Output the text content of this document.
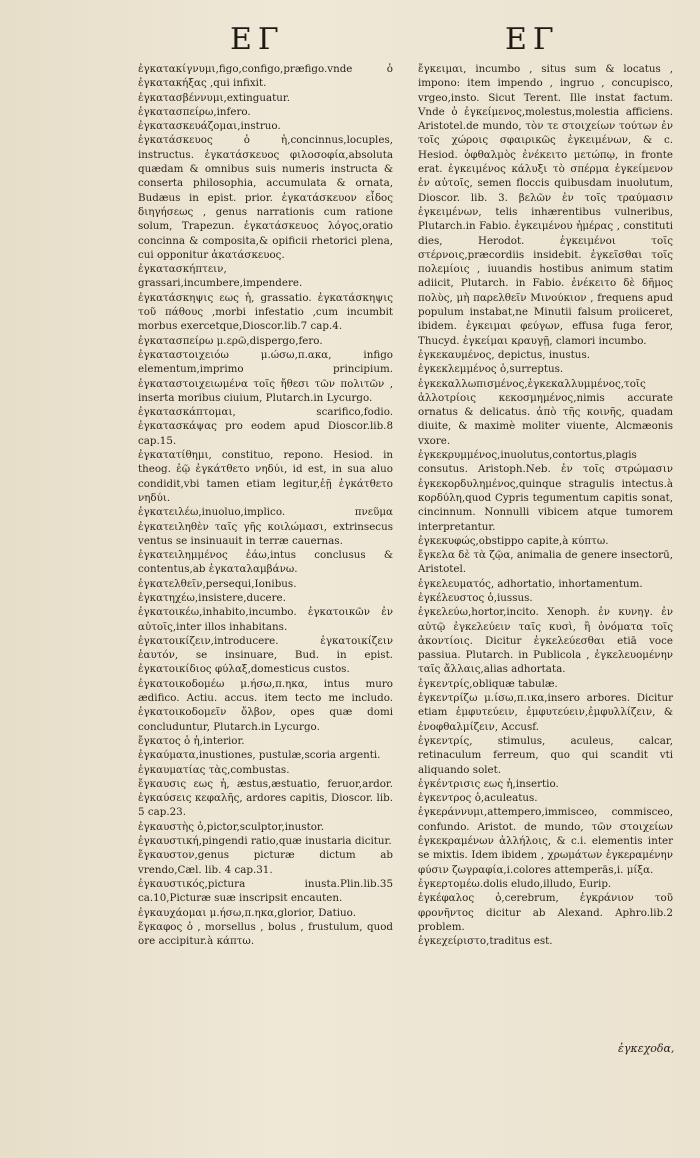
ΕΓ	ΕΓ

ἐγκατακίγνυμι,figo,configo,præfigo.vnde ὁ ἐγκατακήξας ,qui infixit.

ἐγκατασβέννυμι,extinguatur.

ἐγκατασπείρω,infero.

ἐγκατασκευάζομαι,instruo.

ἐγκατάσκευος ὁ ἡ,concinnus,locuples, instructus. ἐγκατάσκευος φιλοσοφία,absoluta quædam & omnibus suis numeris instructa & conserta philosophia, accumulata & ornata, Budæus in epist. prior. ἐγκατάσκευον εἶδος διηγήσεως , genus narrationis cum ratione solum, Trapezun. ἐγκατάσκευος λόγος,oratio concinna & composita,& opificii rhetorici plena, cui opponitur ἀκατάσκευος.

ἐγκατασκήπτειν, grassari,incumbere,impendere.

ἐγκατάσκηψις εως ἡ, grassatio. ἐγκατάσκηψις τοῦ πάθους ,morbi infestatio ,cum incumbit morbus exercetque,Dioscor.lib.7 cap.4.

ἐγκατασπείρω μ.ερῶ,dispergo,fero.

ἐγκαταστοιχειόω μ.ώσω,π.ακα, infigo elementum,imprimo principium. ἐγκαταστοιχειωμένα τοῖς ἤθεσι τῶν πολιτῶν , inserta moribus ciuium, Plutarch.in Lycurgo.

ἐγκατασκάπτομαι, scarifico,fodio. ἐγκατασκάψας pro eodem apud Dioscor.lib.8 cap.15.

ἐγκατατίθημι, constituo, repono. Hesiod. in theog. ἐῷ ἐγκάτθετο νηδύι, id est, in sua aluo condidit,vbi tamen etiam legitur,ἐῇ ἐγκάτθετο νηδύι.

ἐγκατειλέω,inuoluo,implico. πνεῦμα ἐγκατειληθὲν ταῖς γῆς κοιλώμασι, extrinsecus ventus se insinuauit in terræ cauernas.

ἐγκατειλημμένος ἐάω,intus conclusus & contentus,ab ἐγκαταλαμβάνω.

ἐγκατελθεῖν,persequi,Ionibus.

ἐγκατηχέω,insistere,ducere.

ἐγκατοικέω,inhabito,incumbo. ἐγκατοικῶν ἐν αὐτοῖς,inter illos inhabitans.

ἐγκατοικίζειν,introducere. ἐγκατοικίζειν ἑαυτόν, se insinuare, Bud. in epist. ἐγκατοικίδιος φύλαξ,domesticus custos.

ἐγκατοικοδομέω μ.ήσω,π.ηκα, intus muro ædifico. Actiu. accus. item tecto me includo. ἐγκατοικοδομεῖν ὄλβον, opes quæ domi concluduntur, Plutarch.in Lycurgo.

ἔγκατος ὁ ἡ,interior.

ἐγκαύματα,inustiones, pustulæ,scoria argenti.

ἐγκαυματίας τὰς,combustas.

ἔγκαυσις εως ἡ, æstus,æstuatio, feruor,ardor. ἐγκαύσεις κεφαλῆς, ardores capitis, Dioscor. lib. 5 cap.23.

ἐγκαυστὴς ὁ,pictor,sculptor,inustor.

ἐγκαυστική,pingendi ratio,quæ inustaria dicitur.

ἔγκαυστον,genus picturæ dictum ab vrendo,Cæl. lib. 4 cap.31.

ἐγκαυστικός,pictura inusta.Plin.lib.35 ca.10,Picturæ suæ inscripsit encauten.

ἐγκαυχάομαι μ.ήσω,π.ηκα,glorior, Datiuo.

ἔγκαφος ὁ , morsellus , bolus , frustulum, quod ore accipitur.à κάπτω.

ἔγκειμαι, incumbo , situs sum & locatus , impono: item impendo , ingruo , concupisco, vrgeo,insto. Sicut Terent. Ille instat factum. Vnde ὁ ἐγκείμενος,molestus,molestia afficiens. Aristotel.de mundo, τὸν τε στοιχείων τούτων ἐν τοῖς χώροις σφαιρικῶς ἐγκειμένων, & c. Hesiod. ὀφθαλμὸς ἐνέκειτο μετώπῳ, in fronte erat. ἐγκειμένος κάλυξι τὸ σπέρμα ἐγκείμενον ἐν αὐτοῖς, semen floccis quibusdam inuolutum, Dioscor. lib. 3. βελῶν ἐν τοῖς τραύμασιν ἐγκειμένων, telis inhærentibus vulneribus, Plutarch.in Fabio. ἐγκειμένου ἡμέρας , constituti dies, Herodot. ἐγκειμένοι τοῖς στέρνοις,præcordiis insidebit. ἐγκεῖσθαι τοῖς πολεμίοις , iuuandis hostibus animum statim adiicit, Plutarch. in Fabio. ἐνέκειτο δὲ δῆμος πολὺς, μὴ παρελθεῖν Μινούκιον , frequens apud populum instabat,ne Minutii falsum proiiceret, ibidem. ἐγκειμαι φεύγων, effusa fuga feror, Thucyd. ἐγκείμαι κραυγῇ, clamori incumbo.

ἐγκεκαυμένος, depictus, inustus.

ἐγκεκλεμμένος ὁ,surreptus.

ἐγκεκαλλωπισμένος,ἐγκεκαλλυμμένος,τοῖς ἀλλοτρίοις κεκοσμημένος,nimis accurate ornatus & delicatus. ἀπὸ τῆς κοινῆς, quadam diuite, & maximè moliter viuente, Alcmæonis vxore.

ἐγκεκρυμμένος,inuolutus,contortus,plagis consutus. Aristoph.Neb. ἐν τοῖς στρώμασιν ἐγκεκορδυλημένος,quinque stragulis intectus.à κορδύλη,quod Cypris tegumentum capitis sonat, cincinnum. Nonnulli vibicem atque tumorem interpretantur.

ἐγκεκυφώς,obstippo capite,à κύπτω.

ἔγκελα δὲ τὰ ζῷα, animalia de genere insectorū, Aristotel.

ἐγκελευματός, adhortatio, inhortamentum.

ἐγκέλευστος ὁ,iussus.

ἐγκελεύω,hortor,incito. Xenoph. ἐν κυνηγ. ἐν αὐτῷ ἐγκελεύειν ταῖς κυσὶ, ἢ ὀνόματα τοῖς ἀκοντίοις. Dicitur ἐγκελεύεσθαι etiā voce passiua. Plutarch. in Publicola , ἐγκελευομένην ταῖς ἄλλαις,alias adhortata.

ἐγκεντρίς,obliquæ tabulæ.

ἐγκεντρίζω μ.ίσω,π.ικα,insero arbores. Dicitur etiam ἐμφυτεύειν, ἐμφυτεύειν,ἐμφυλλίζειν, & ἐνοφθαλμίζειν, Accusf.

ἐγκεντρίς, stimulus, aculeus, calcar, retinaculum ferreum, quo qui scandit vti aliquando solet.

ἐγκέντρισις εως ἡ,insertio.

ἐγκεντρος ὁ,aculeatus.

ἐγκεράννυμι,attempero,immisceo, commisceo, confundo. Aristot. de mundo, τῶν στοιχείων ἐγκεκραμένων ἀλλήλοις, & c.i. elementis inter se mixtis. Idem ibidem , χρωμάτων ἐγκεραμένην φύσιν ζωγραφία,i.colores attemperās,i. μίξα.

ἐγκερτομέω.dolis eludo,illudo, Eurip.

ἐγκέφαλος ὁ,cerebrum, ἐγκράνιον τοῦ φρονῆντος dicitur ab Alexand. Aphro.lib.2 problem.

ἐγκεχείριστο,traditus est.

ἐγκεχοδα,
